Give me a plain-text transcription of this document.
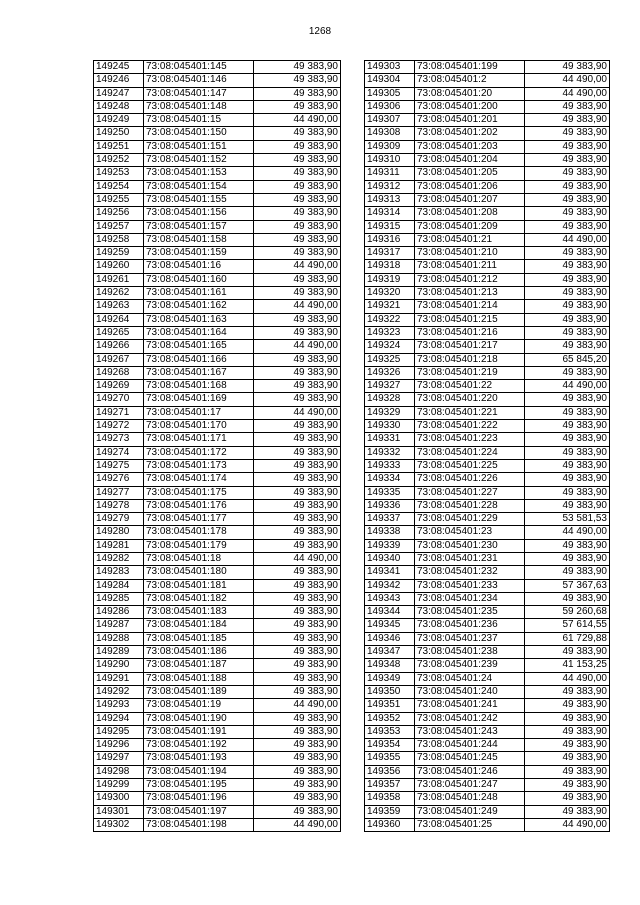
1268
149245	73:08:045401:145	49 383,90
149246	73:08:045401:146	49 383,90
149247	73:08:045401:147	49 383,90
149248	73:08:045401:148	49 383,90
149249	73:08:045401:15	44 490,00
149250	73:08:045401:150	49 383,90
149251	73:08:045401:151	49 383,90
149252	73:08:045401:152	49 383,90
149253	73:08:045401:153	49 383,90
149254	73:08:045401:154	49 383,90
149255	73:08:045401:155	49 383,90
149256	73:08:045401:156	49 383,90
149257	73:08:045401:157	49 383,90
149258	73:08:045401:158	49 383,90
149259	73:08:045401:159	49 383,90
149260	73:08:045401:16	44 490,00
149261	73:08:045401:160	49 383,90
149262	73:08:045401:161	49 383,90
149263	73:08:045401:162	44 490,00
149264	73:08:045401:163	49 383,90
149265	73:08:045401:164	49 383,90
149266	73:08:045401:165	44 490,00
149267	73:08:045401:166	49 383,90
149268	73:08:045401:167	49 383,90
149269	73:08:045401:168	49 383,90
149270	73:08:045401:169	49 383,90
149271	73:08:045401:17	44 490,00
149272	73:08:045401:170	49 383,90
149273	73:08:045401:171	49 383,90
149274	73:08:045401:172	49 383,90
149275	73:08:045401:173	49 383,90
149276	73:08:045401:174	49 383,90
149277	73:08:045401:175	49 383,90
149278	73:08:045401:176	49 383,90
149279	73:08:045401:177	49 383,90
149280	73:08:045401:178	49 383,90
149281	73:08:045401:179	49 383,90
149282	73:08:045401:18	44 490,00
149283	73:08:045401:180	49 383,90
149284	73:08:045401:181	49 383,90
149285	73:08:045401:182	49 383,90
149286	73:08:045401:183	49 383,90
149287	73:08:045401:184	49 383,90
149288	73:08:045401:185	49 383,90
149289	73:08:045401:186	49 383,90
149290	73:08:045401:187	49 383,90
149291	73:08:045401:188	49 383,90
149292	73:08:045401:189	49 383,90
149293	73:08:045401:19	44 490,00
149294	73:08:045401:190	49 383,90
149295	73:08:045401:191	49 383,90
149296	73:08:045401:192	49 383,90
149297	73:08:045401:193	49 383,90
149298	73:08:045401:194	49 383,90
149299	73:08:045401:195	49 383,90
149300	73:08:045401:196	49 383,90
149301	73:08:045401:197	49 383,90
149302	73:08:045401:198	44 490,00
149303	73:08:045401:199	49 383,90
149304	73:08:045401:2	44 490,00
149305	73:08:045401:20	44 490,00
149306	73:08:045401:200	49 383,90
149307	73:08:045401:201	49 383,90
149308	73:08:045401:202	49 383,90
149309	73:08:045401:203	49 383,90
149310	73:08:045401:204	49 383,90
149311	73:08:045401:205	49 383,90
149312	73:08:045401:206	49 383,90
149313	73:08:045401:207	49 383,90
149314	73:08:045401:208	49 383,90
149315	73:08:045401:209	49 383,90
149316	73:08:045401:21	44 490,00
149317	73:08:045401:210	49 383,90
149318	73:08:045401:211	49 383,90
149319	73:08:045401:212	49 383,90
149320	73:08:045401:213	49 383,90
149321	73:08:045401:214	49 383,90
149322	73:08:045401:215	49 383,90
149323	73:08:045401:216	49 383,90
149324	73:08:045401:217	49 383,90
149325	73:08:045401:218	65 845,20
149326	73:08:045401:219	49 383,90
149327	73:08:045401:22	44 490,00
149328	73:08:045401:220	49 383,90
149329	73:08:045401:221	49 383,90
149330	73:08:045401:222	49 383,90
149331	73:08:045401:223	49 383,90
149332	73:08:045401:224	49 383,90
149333	73:08:045401:225	49 383,90
149334	73:08:045401:226	49 383,90
149335	73:08:045401:227	49 383,90
149336	73:08:045401:228	49 383,90
149337	73:08:045401:229	53 581,53
149338	73:08:045401:23	44 490,00
149339	73:08:045401:230	49 383,90
149340	73:08:045401:231	49 383,90
149341	73:08:045401:232	49 383,90
149342	73:08:045401:233	57 367,63
149343	73:08:045401:234	49 383,90
149344	73:08:045401:235	59 260,68
149345	73:08:045401:236	57 614,55
149346	73:08:045401:237	61 729,88
149347	73:08:045401:238	49 383,90
149348	73:08:045401:239	41 153,25
149349	73:08:045401:24	44 490,00
149350	73:08:045401:240	49 383,90
149351	73:08:045401:241	49 383,90
149352	73:08:045401:242	49 383,90
149353	73:08:045401:243	49 383,90
149354	73:08:045401:244	49 383,90
149355	73:08:045401:245	49 383,90
149356	73:08:045401:246	49 383,90
149357	73:08:045401:247	49 383,90
149358	73:08:045401:248	49 383,90
149359	73:08:045401:249	49 383,90
149360	73:08:045401:25	44 490,00
